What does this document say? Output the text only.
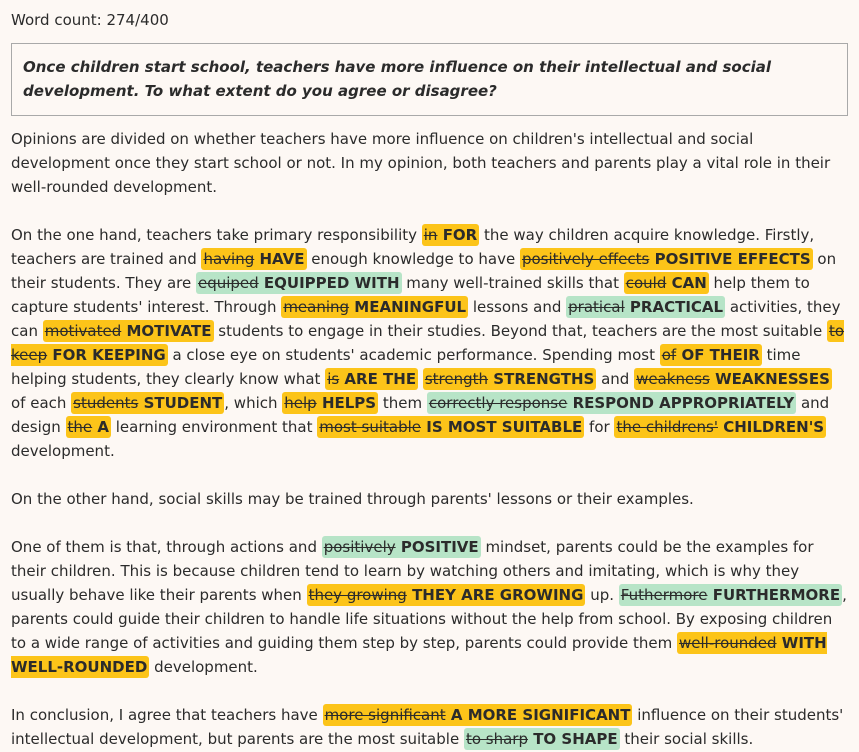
Word count: 274/400
Once children start school, teachers have more influence on their intellectual and social development. To what extent do you agree or disagree?

Opinions are divided on whether teachers have more influence on children's intellectual and social development once they start school or not. In my opinion, both teachers and parents play a vital role in their well-rounded development.

On the one hand, teachers take primary responsibility in FOR the way children acquire knowledge. Firstly, teachers are trained and having HAVE enough knowledge to have positively effects POSITIVE EFFECTS on their students. They are equiped EQUIPPED WITH many well-trained skills that could CAN help them to capture students' interest. Through meaning MEANINGFUL lessons and pratical PRACTICAL activities, they can motivated MOTIVATE students to engage in their studies. Beyond that, teachers are the most suitable to keep FOR KEEPING a close eye on students' academic performance. Spending most of OF THEIR time helping students, they clearly know what is ARE THE strength STRENGTHS and weakness WEAKNESSES of each students STUDENT , which help HELPS them correctly response RESPOND APPROPRIATELY and design the A learning environment that most suitable IS MOST SUITABLE for the childrens' CHILDREN'S development.

On the other hand, social skills may be trained through parents' lessons or their examples.

One of them is that, through actions and positively POSITIVE mindset, parents could be the examples for their children. This is because children tend to learn by watching others and imitating, which is why they usually behave like their parents when they growing THEY ARE GROWING up. Futhermore FURTHERMORE , parents could guide their children to handle life situations without the help from school. By exposing children to a wide range of activities and guiding them step by step, parents could provide them well-rounded WITH WELL-ROUNDED development.

In conclusion, I agree that teachers have more significant A MORE SIGNIFICANT influence on their students' intellectual development, but parents are the most suitable to sharp TO SHAPE their social skills.
